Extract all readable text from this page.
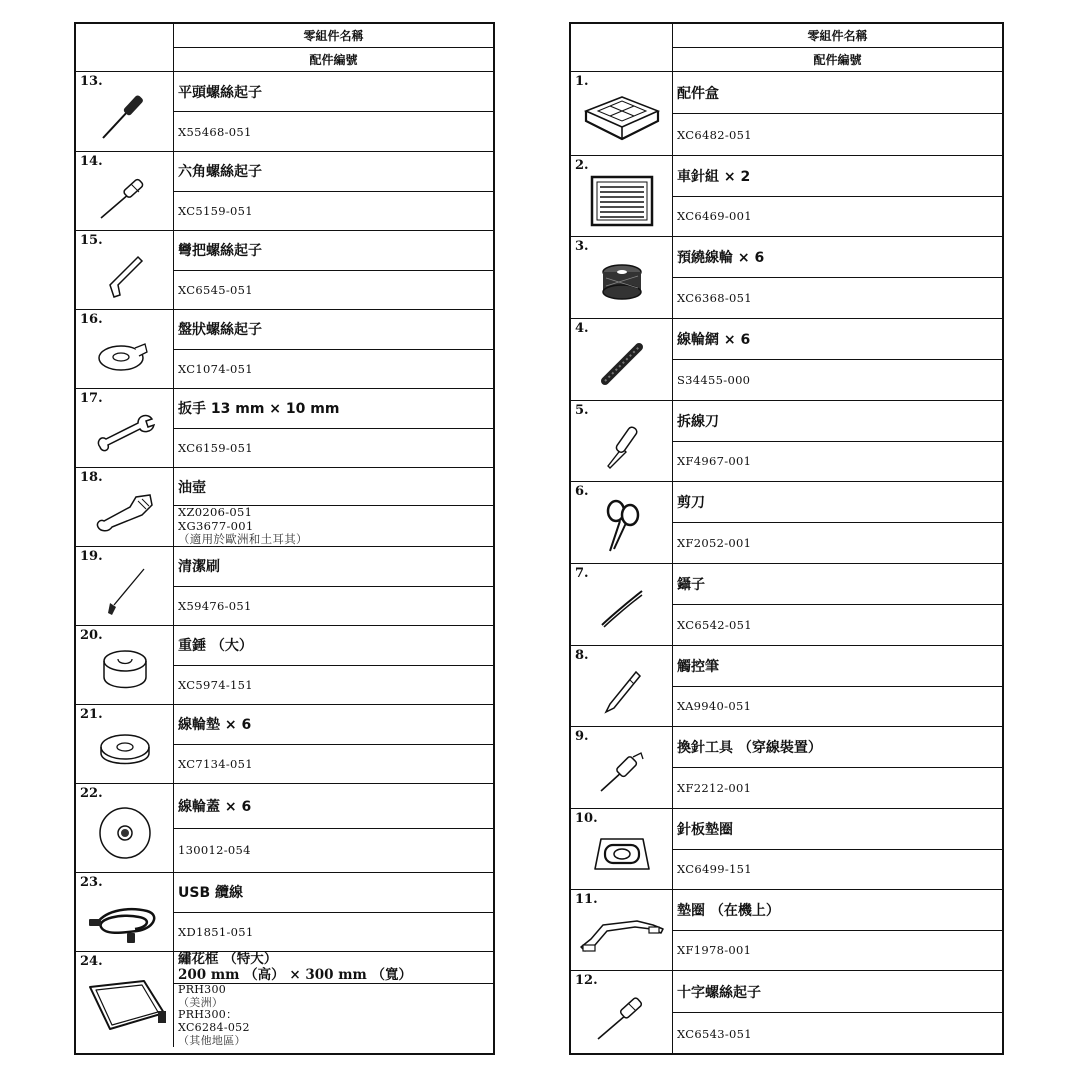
零組件名稱
配件編號
13.
平頭螺絲起子
X55468-051
14.
六角螺絲起子
XC5159-051
15.
彎把螺絲起子
XC6545-051
16.
盤狀螺絲起子
XC1074-051
17.
扳手 13 mm × 10 mm
XC6159-051
18.
油壺
XZ0206-051
XG3677-001
（適用於歐洲和土耳其）
19.
清潔刷
X59476-051
20.
重錘 （大）
XC5974-151
21.
線輪墊 × 6
XC7134-051
22.
線輪蓋 × 6
130012-054
23.
USB 纜線
XD1851-051
24.	繡花框 （特大）
200 mm （高） × 300 mm （寬）
PRH300
（美洲）
PRH300：
XC6284-052
（其他地區）
零組件名稱
配件編號
1.
配件盒
XC6482-051
2.
車針組 × 2
XC6469-001
3.
預繞線輪 × 6
XC6368-051
4.
線輪網 × 6
S34455-000
5.
拆線刀
XF4967-001
6.
剪刀
XF2052-001
7.
鑷子
XC6542-051
8.
觸控筆
XA9940-051
9.
換針工具 （穿線裝置）
XF2212-001
10.
針板墊圈
XC6499-151
11.
墊圈 （在機上）
XF1978-001
12.
十字螺絲起子
XC6543-051
